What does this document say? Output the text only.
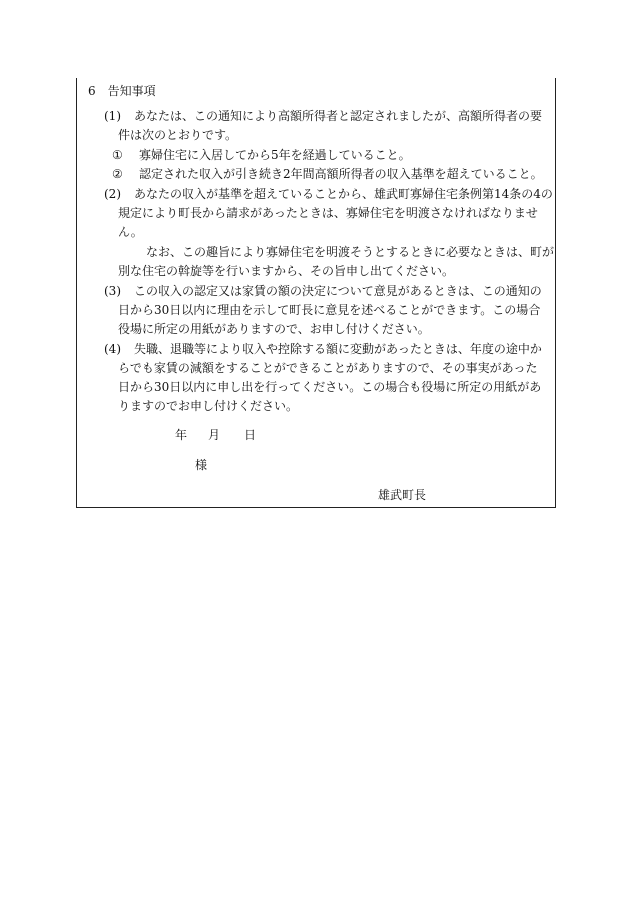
6　告知事項
(1) あなたは、この通知により高額所得者と認定されましたが、高額所得者の要
件は次のとおりです。
① 寡婦住宅に入居してから5年を経過していること。
② 認定された収入が引き続き2年間高額所得者の収入基準を超えていること。
(2) あなたの収入が基準を超えていることから、雄武町寡婦住宅条例第14条の4の
規定により町長から請求があったときは、寡婦住宅を明渡さなければなりませ
ん。
なお、この趣旨により寡婦住宅を明渡そうとするときに必要なときは、町が
別な住宅の斡旋等を行いますから、その旨申し出てください。
(3) この収入の認定又は家賃の額の決定について意見があるときは、この通知の
日から30日以内に理由を示して町長に意見を述べることができます。この場合
役場に所定の用紙がありますので、お申し付けください。
(4) 失職、退職等により収入や控除する額に変動があったときは、年度の途中か
らでも家賃の減額をすることができることがありますので、その事実があった
日から30日以内に申し出を行ってください。この場合も役場に所定の用紙があ
りますのでお申し付けください。
年 月 日
様
雄武町長
